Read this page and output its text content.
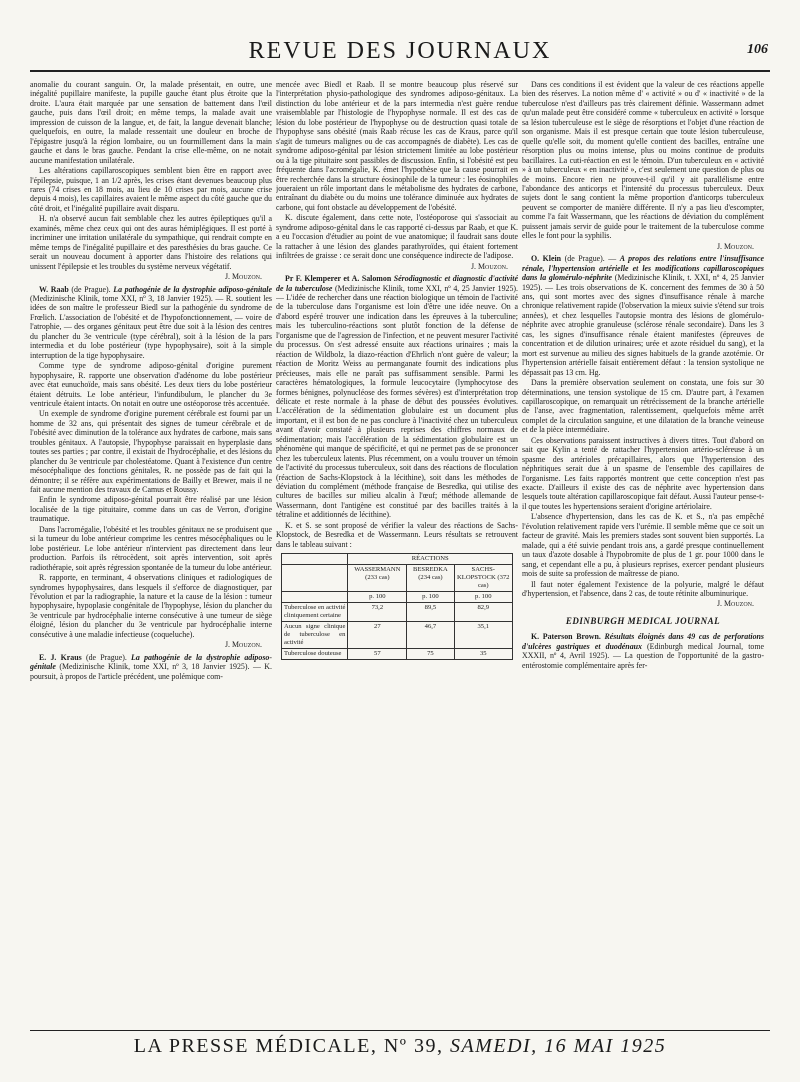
REVUE DES JOURNAUX	106

anomalie du courant sanguin. Or, la malade présentait, en outre, une inégalité pupillaire manifeste, la pupille gauche étant plus étroite que la droite. L'aura était marquée par une sensation de battement dans l'œil gauche, puis dans l'œil droit; en même temps, la malade avait une impression de cuisson de la langue, et, de fait, la langue devenait blanche; quelquefois, en outre, la malade ressentait une douleur en broche de l'épigastre jusqu'à la région lombaire, ou un fourmillement dans la main gauche et dans le bras gauche. Pendant la crise elle-même, on ne notait aucune manifestation unilatérale.

Les altérations capillaroscopiques semblent bien être en rapport avec l'épilepsie, puisque, 1 an 1/2 après, les crises étant devenues beaucoup plus rares (74 crises en 18 mois, au lieu de 10 crises par mois, aucune crise depuis 4 mois), les capillaires avaient le même aspect du côté gauche que du côté droit, et l'inégalité pupillaire avait disparu.

H. n'a observé aucun fait semblable chez les autres épileptiques qu'il a examinés, même chez ceux qui ont des auras hémiplégiques. Il est porté à incriminer une irritation unilatérale du sympathique, qui rendrait compte en même temps de l'inégalité pupillaire et des paresthésies du bras gauche. Ce serait un nouveau document à apporter dans l'histoire des relations qui unissent l'épilepsie et les troubles du système nerveux végétatif.

J. Mouzon.

W. Raab (de Prague). La pathogénie de la dystrophie adiposo-génitale (Medizinische Klinik, tome XXI, nº 3, 18 Janvier 1925). — R. soutient les idées de son maître le professeur Biedl sur la pathogénie du syndrome de Frœlich. L'association de l'obésité et de l'hypofonctionnement, — voire de l'atrophie, — des organes génitaux peut être due soit à la lésion des centres du plancher du 3e ventricule (type cérébral), soit à la lésion de la pars intermedia et du lobe postérieur (type hypophysaire), soit à la simple interruption de la tige hypophysaire.

Comme type de syndrome adiposo-génital d'origine purement hypophysaire, R. rapporte une observation d'adénome du lobe postérieur avec état eunuchoïde, mais sans obésité. Les deux tiers du lobe postérieur étaient détruits. Le lobe antérieur, l'infundibulum, le plancher du 3e ventricule étaient intacts. On notait en outre une ostéoporose très accentuée.

Un exemple de syndrome d'origine purement cérébrale est fourni par un homme de 32 ans, qui présentait des signes de tumeur cérébrale et de l'obésité avec diminution de la tolérance aux hydrates de carbone, mais sans troubles génitaux. A l'autopsie, l'hypophyse paraissait en hyperplasie dans toutes ses parties ; par contre, il existait de l'hydrocéphalie, et des lésions du plancher du 3e ventricule par cholestéatome. Quant à l'existence d'un centre mésocéphalique des fonctions génitales, R. ne possède pas de fait qui la démontre; il se réfère aux expérimentations de Bailly et Brewer, mais il ne fait aucune mention des travaux de Camus et Roussy.

Enfin le syndrome adiposo-génital pourrait être réalisé par une lésion localisée de la tige pituitaire, comme dans un cas de Verron, d'origine traumatique.

Dans l'acromégalie, l'obésité et les troubles génitaux ne se produisent que si la tumeur du lobe antérieur comprime les centres mésocéphaliques ou le lobe postérieur. Le lobe antérieur n'intervient pas directement dans leur production. Parfois ils rétrocèdent, soit après intervention, soit après radiothérapie, soit après régression spontanée de la tumeur du lobe antérieur.

R. rapporte, en terminant, 4 observations cliniques et radiologiques de syndromes hypophysaires, dans lesquels il s'efforce de diagnostiquer, par l'évolution et par la radiographie, la nature et la cause de la lésion : tumeur hypophysaire, hypoplasie congénitale de l'hypophyse, lésion du plancher du 3e ventricule par hydrocéphalie interne consécutive à une tumeur de siège éloigné, lésion du plancher du 3e ventricule par hydrocéphalie interne consécutive à une maladie infectieuse (coqueluche).

J. Mouzon.

E. J. Kraus (de Prague). La pathogénie de la dystrophie adiposo-génitale (Medizinische Klinik, tome XXI, nº 3, 18 Janvier 1925). — K. poursuit, à propos de l'article précédent, une polémique com-

mencée avec Biedl et Raab. Il se montre beaucoup plus réservé sur l'interprétation physio-pathologique des syndromes adiposo-génitaux. La distinction du lobe antérieur et de la pars intermedia n'est guère rendue vraisemblable par l'histologie de l'hypophyse normale. Il est des cas de lésion du lobe postérieur de l'hypophyse ou de destruction quasi totale de l'hypophyse sans obésité (mais Raab récuse les cas de Kraus, parce qu'il s'agit de tumeurs malignes ou de cas accompagnés de diabète). Les cas de syndrome adiposo-génital par lésion strictement limitée au lobe postérieur ou à la tige pituitaire sont passibles de discussion. Enfin, si l'obésité est peu fréquente dans l'acromégalie, K. émet l'hypothèse que la cause pourrait en être recherchée dans la structure éosinophile de la tumeur : les éosinophiles joueraient un rôle important dans le métabolisme des hydrates de carbone, entraînant du diabète ou du moins une tolérance diminuée aux hydrates de carbone, qui font obstacle au développement de l'obésité.

K. discute également, dans cette note, l'ostéoporose qui s'associait au syndrome adiposo-génital dans le cas rapporté ci-dessus par Raab, et que K. a eu l'occasion d'étudier au point de vue anatomique; il faudrait sans doute la rattacher à une lésion des glandes parathyroïdes, qui étaient fortement infiltrées de graisse : ce serait donc une conséquence indirecte de l'adipose.

J. Mouzon.

Pr F. Klemperer et A. Salomon Sérodiagnostic et diagnostic d'activité de la tuberculose (Medizinische Klinik, tome XXI, nº 4, 25 Janvier 1925). — L'idée de rechercher dans une réaction biologique un témoin de l'activité de la tuberculose dans l'organisme est loin d'être une idée neuve. On a d'abord espéré trouver une indication dans les épreuves à la tuberculine; mais les tuberculino-réactions sont plutôt fonction de la défense de l'organisme que de l'agression de l'infection, et ne peuvent mesurer l'activité du processus. On s'est adressé ensuite aux réactions urinaires ; mais la réaction de Wildbolz, la diazo-réaction d'Ehrlich n'ont guère de valeur; la réaction de Moritz Weiss au permanganate fournit des indications plus précieuses, mais elle ne paraît pas suffisamment sensible. Parmi les caractères hématologiques, la formule leucocytaire (lymphocytose des formes bénignes, polynucléose des formes sévères) est d'interprétation trop délicate et reste normale à la phase de début des poussées évolutives. L'accélération de la sédimentation globulaire est un document plus important, et il est bon de ne pas conclure à l'inactivité chez un tuberculeux avant d'avoir constaté à plusieurs reprises des chiffres normaux de sédimentation; mais l'accélération de la sédimentation globulaire est un phénomène qui manque de spécificité, et qui ne permet pas de se prononcer chez les tuberculeux latents. Plus récemment, on a voulu trouver un témoin de l'activité du processus tuberculeux, soit dans des réactions de floculation (réaction de Sachs-Klopstock à la lécithine), soit dans les méthodes de déviation du complément (méthode française de Besredka, qui utilise des cultures de bacilles sur milieu alcalin à l'œuf; méthode allemande de Wassermann, dont l'antigène est constitué par des bacilles traités à la tétraline et additionnés de lécithine).

K. et S. se sont proposé de vérifier la valeur des réactions de Sachs-Klopstock, de Besredka et de Wassermann. Leurs résultats se retrouvent dans le tableau suivant :

	RÉACTIONS		
	WASSERMANN (233 cas)	BESREDKA (234 cas)	SACHS-KLOPSTOCK (372 cas)
	p. 100	p. 100	p. 100
Tuberculose en activité cliniquement certaine	73,2	89,5	82,9
Aucun signe clinique de tuberculose en activité	27	46,7	35,1
Tuberculose douteuse	57	75	35

Dans ces conditions il est évident que la valeur de ces réactions appelle bien des réserves. La notion même d' « activité » ou d' « inactivité » de la tuberculose n'est d'ailleurs pas très clairement définie. Wassermann admet qu'un malade peut être considéré comme « tuberculeux en activité » lorsque sa lésion tuberculeuse est le siège de résorptions et l'objet d'une réaction de son organisme. Mais il est presque certain que toute lésion tuberculeuse, quelle qu'elle soit, du moment qu'elle contient des bacilles, entraîne une résorption plus ou moins intense, plus ou moins continue de produits bacillaires. La cuti-réaction en est le témoin. D'un tuberculeux en « activité » à un tuberculeux « en inactivité », c'est seulement une question de plus ou de moins. Encore rien ne prouve-t-il qu'il y ait parallélisme entre l'abondance des anticorps et l'intensité du processus tuberculeux. Deux sujets dont le sang contient la même proportion d'anticorps tuberculeux peuvent se comporter de manière différente. Il n'y a pas lieu d'escompter, comme l'a fait Wassermann, que les réactions de déviation du complément puissent jamais servir de guide pour le traitement de la tuberculose comme elles le font pour la syphilis.

J. Mouzon.

O. Klein (de Prague). — A propos des relations entre l'insuffisance rénale, l'hypertension artérielle et les modifications capillaroscopiques dans la glomérulo-néphrite (Medizinische Klinik, t. XXI, nº 4, 25 Janvier 1925). — Les trois observations de K. concernent des femmes de 30 à 50 ans, qui sont mortes avec des signes d'insuffisance rénale à marche chronique relativement rapide (l'observation la mieux suivie s'étend sur trois années), et chez lesquelles l'autopsie montra des lésions de glomérulo-néphrite avec atrophie granuleuse (sclérose rénale secondaire). Dans les 3 cas, les signes d'insuffisance rénale étaient manifestes (épreuves de concentration et de dilution urinaires; urée et azote résiduel du sang), et la mort est survenue au milieu des signes habituels de la grande azotémie. Or l'hypertension artérielle faisait entièrement défaut : la tension systolique ne dépassait pas 13 cm. Hg.

Dans la première observation seulement on constata, une fois sur 30 déterminations, une tension systolique de 15 cm. D'autre part, à l'examen capillaroscopique, on remarquait un rétrécissement de la branche artérielle de l'anse, avec fragmentation, ralentissement, quelquefois même arrêt complet de la circulation sanguine, et une dilatation de la branche veineuse et de la pièce intermédiaire.

Ces observations paraissent instructives à divers titres. Tout d'abord on sait que Kylin a tenté de rattacher l'hypertension artério-scléreuse à un spasme des artérioles précapillaires, alors que l'hypertension des néphritiques serait due à un spasme de l'ensemble des capillaires de l'organisme. Les faits rapportés montrent que cette conception n'est pas exacte. D'ailleurs il existe des cas de néphrite avec hypertension dans lesquels toute altération capillaroscopique fait défaut. Aussi l'auteur pense-t-il que toutes les hypertensions seraient d'origine artériolaire.

L'absence d'hypertension, dans les cas de K. et S., n'a pas empêché l'évolution relativement rapide vers l'urémie. Il semble même que ce soit un facteur de gravité. Mais les premiers stades sont souvent bien supportés. La malade, qui a été suivie pendant trois ans, a gardé presque continuellement un taux d'azote dosable à l'hypobromite de plus de 1 gr. pour 1000 dans le sang, et cependant elle a pu, à plusieurs reprises, exercer pendant plusieurs mois de suite sa profession de maîtresse de piano.

Il faut noter également l'existence de la polyurie, malgré le défaut d'hypertension, et l'absence, dans 2 cas, de toute rétinite albuminurique.

J. Mouzon.
EDINBURGH MEDICAL JOURNAL

K. Paterson Brown. Résultats éloignés dans 49 cas de perforations d'ulcères gastriques et duodénaux (Edinburgh medical Journal, tome XXXII, nº 4, Avril 1925). — La question de l'opportunité de la gastro-entérostomie complémentaire après fer-

LA PRESSE MÉDICALE, Nº 39, SAMEDI, 16 MAI 1925
